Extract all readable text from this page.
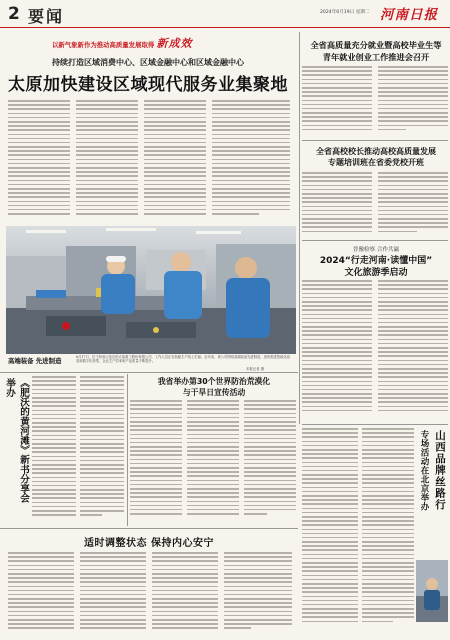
2 要闻	2024年6月19日 星期二 河南日报
以新气象新作为推动高质量发展取得 新成效
持续打造区域消费中心、区域金融中心和区域金融中心
太原加快建设区域现代服务业集聚地
全省高质量充分就业暨高校毕业生等
青年就业创业工作推进会召开
全省高校校长推动高校高质量发展
专题培训班在省委党校开班
晋豫检察 合作共赢
2024“行走河南·读懂中国”
文化旅游季启动
高端装备 先进制造	6月17日，位于综改示范区的太原重工股份有限公司，工作人员正在装配生产线上忙碌。近年来，该公司围绕高端装备先进制造，加快推进智能化改造和数字化转型，企业生产效率和产品质量不断提升。
本报记者 摄
《肥沃的黄河滩》新书分享会举办	我省举办第30个世界防治荒漠化
与干旱日宣传活动
山西品牌丝路行
专场活动在北京举办
适时调整状态 保持内心安宁
